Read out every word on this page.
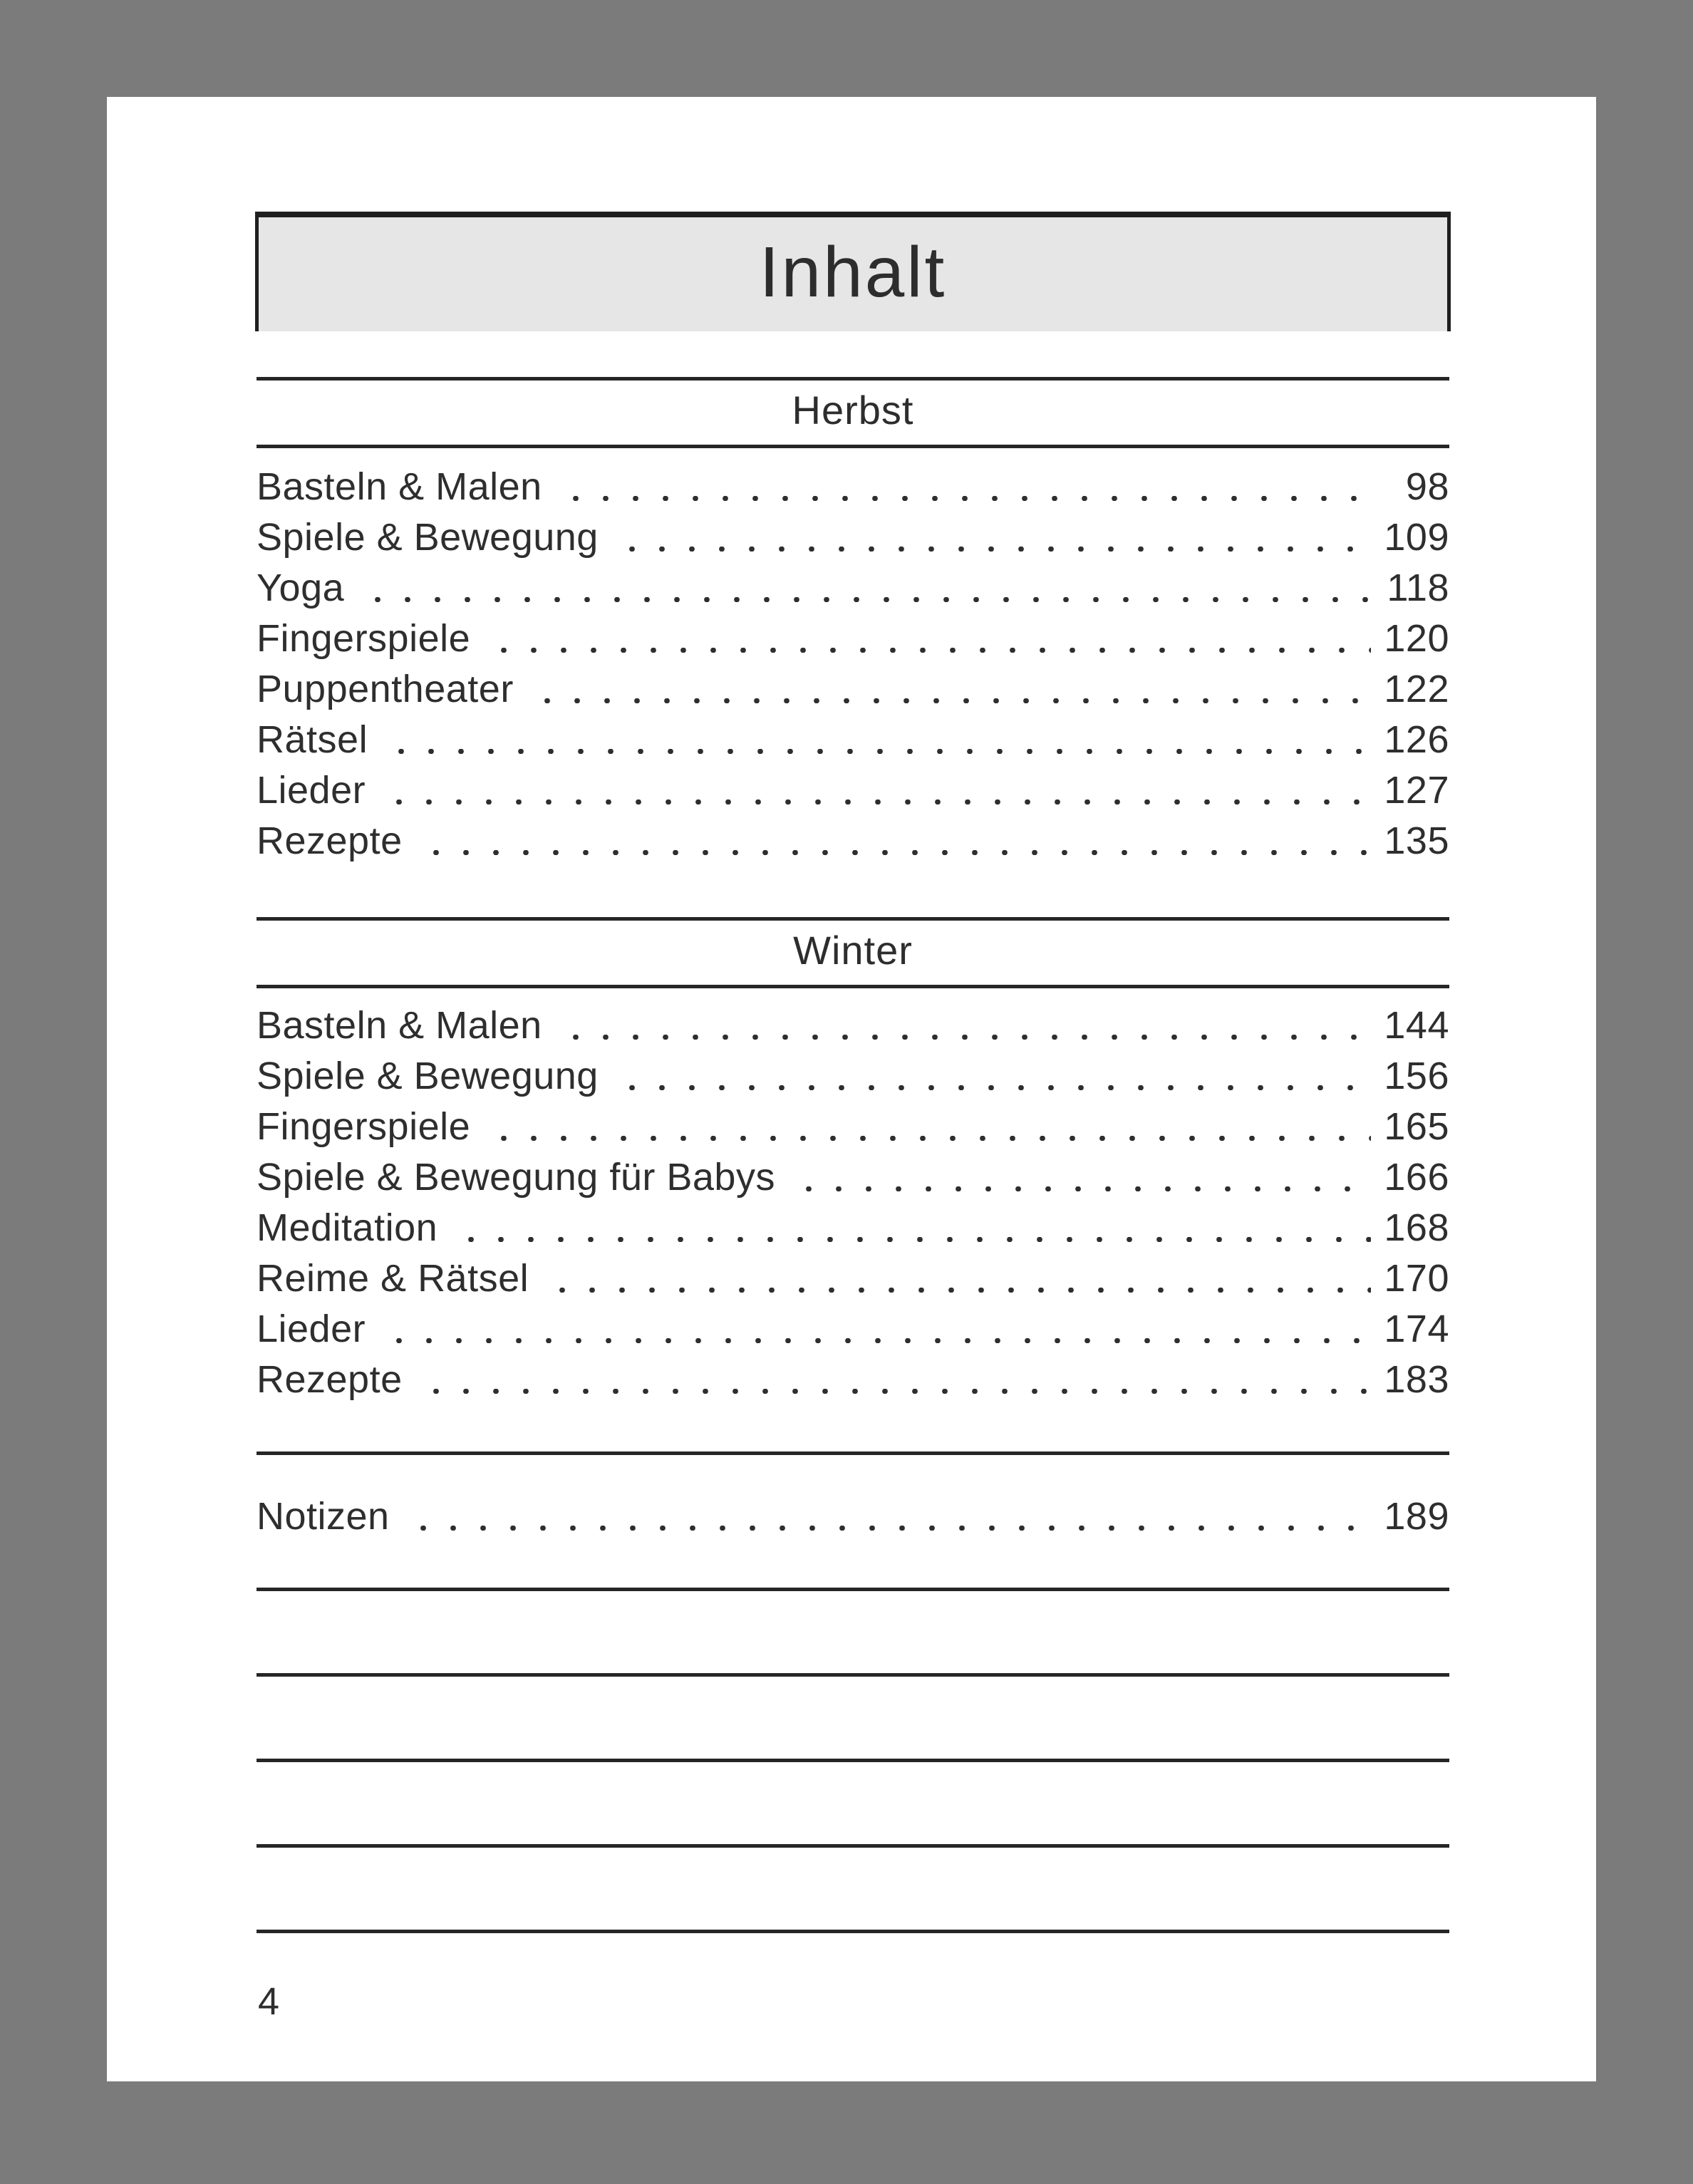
Inhalt
Herbst
Basteln & Malen	98
Spiele & Bewegung	109
Yoga	118
Fingerspiele	120
Puppentheater	122
Rätsel	126
Lieder	127
Rezepte	135
Winter
Basteln & Malen	144
Spiele & Bewegung	156
Fingerspiele	165
Spiele & Bewegung für Babys	166
Meditation	168
Reime & Rätsel	170
Lieder	174
Rezepte	183
Notizen	189
4
